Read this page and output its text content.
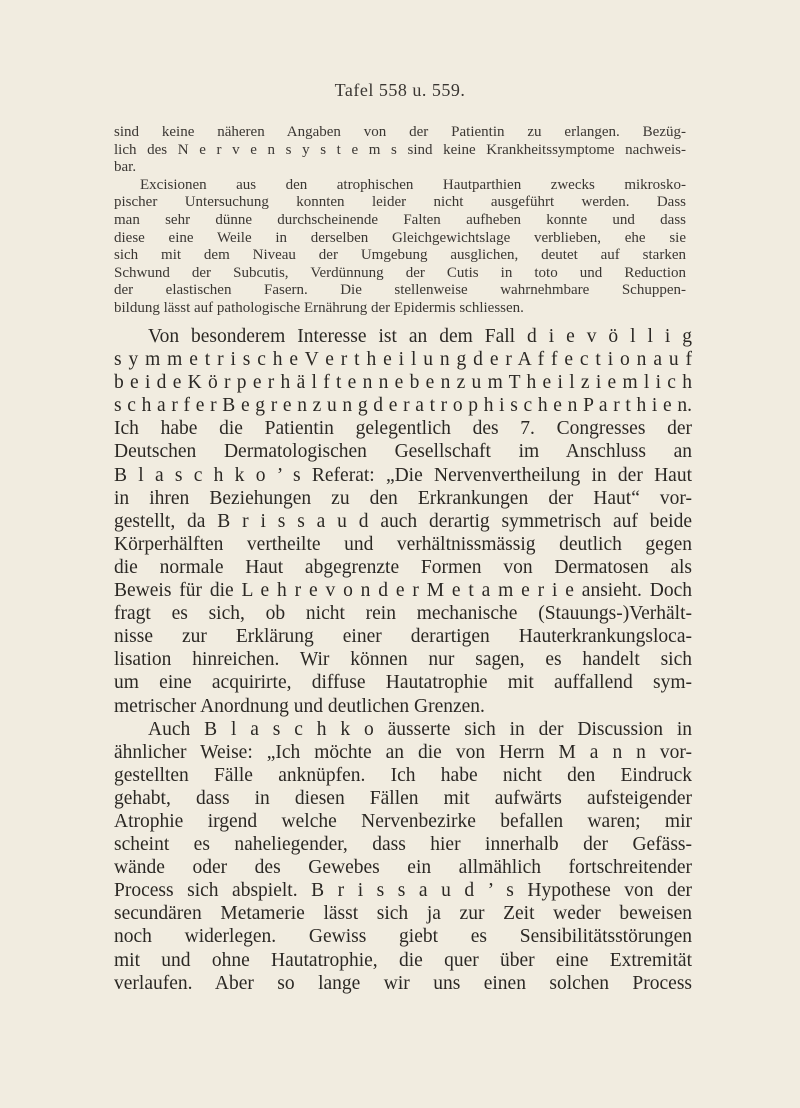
Tafel 558 u. 559.
sind keine näheren Angaben von der Patientin zu erlangen. Bezüg-
lich des N e r v e n s y s t e m s sind keine Krankheitssymptome nachweis-
bar.
Excisionen aus den atrophischen Hautparthien zwecks mikrosko-
pischer Untersuchung konnten leider nicht ausgeführt werden. Dass
man sehr dünne durchscheinende Falten aufheben konnte und dass
diese eine Weile in derselben Gleichgewichtslage verblieben, ehe sie
sich mit dem Niveau der Umgebung ausglichen, deutet auf starken
Schwund der Subcutis, Verdünnung der Cutis in toto und Reduction
der elastischen Fasern. Die stellenweise wahrnehmbare Schuppen-
bildung lässt auf pathologische Ernährung der Epidermis schliessen.
Von besonderem Interesse ist an dem Fall d i e v ö l l i g
s y m m e t r i s c h e V e r t h e i l u n g d e r A f f e c t i o n a u f
b e i d e K ö r p e r h ä l f t e n n e b e n z u m T h e i l z i e m l i c h
s c h a r f e r B e g r e n z u n g d e r a t r o p h i s c h e n P a r t h i e n.
Ich habe die Patientin gelegentlich des 7. Congresses der
Deutschen Dermatologischen Gesellschaft im Anschluss an
B l a s c h k o ’ s Referat: „Die Nervenvertheilung in der Haut
in ihren Beziehungen zu den Erkrankungen der Haut“ vor-
gestellt, da B r i s s a u d auch derartig symmetrisch auf beide
Körperhälften vertheilte und verhältnissmässig deutlich gegen
die normale Haut abgegrenzte Formen von Dermatosen als
Beweis für die L e h r e v o n d e r M e t a m e r i e ansieht. Doch
fragt es sich, ob nicht rein mechanische (Stauungs-)Verhält-
nisse zur Erklärung einer derartigen Hauterkrankungsloca-
lisation hinreichen. Wir können nur sagen, es handelt sich
um eine acquirirte, diffuse Hautatrophie mit auffallend sym-
metrischer Anordnung und deutlichen Grenzen.
Auch B l a s c h k o äusserte sich in der Discussion in
ähnlicher Weise: „Ich möchte an die von Herrn M a n n vor-
gestellten Fälle anknüpfen. Ich habe nicht den Eindruck
gehabt, dass in diesen Fällen mit aufwärts aufsteigender
Atrophie irgend welche Nervenbezirke befallen waren; mir
scheint es naheliegender, dass hier innerhalb der Gefäss-
wände oder des Gewebes ein allmählich fortschreitender
Process sich abspielt. B r i s s a u d ’ s Hypothese von der
secundären Metamerie lässt sich ja zur Zeit weder beweisen
noch widerlegen. Gewiss giebt es Sensibilitätsstörungen
mit und ohne Hautatrophie, die quer über eine Extremität
verlaufen. Aber so lange wir uns einen solchen Process
